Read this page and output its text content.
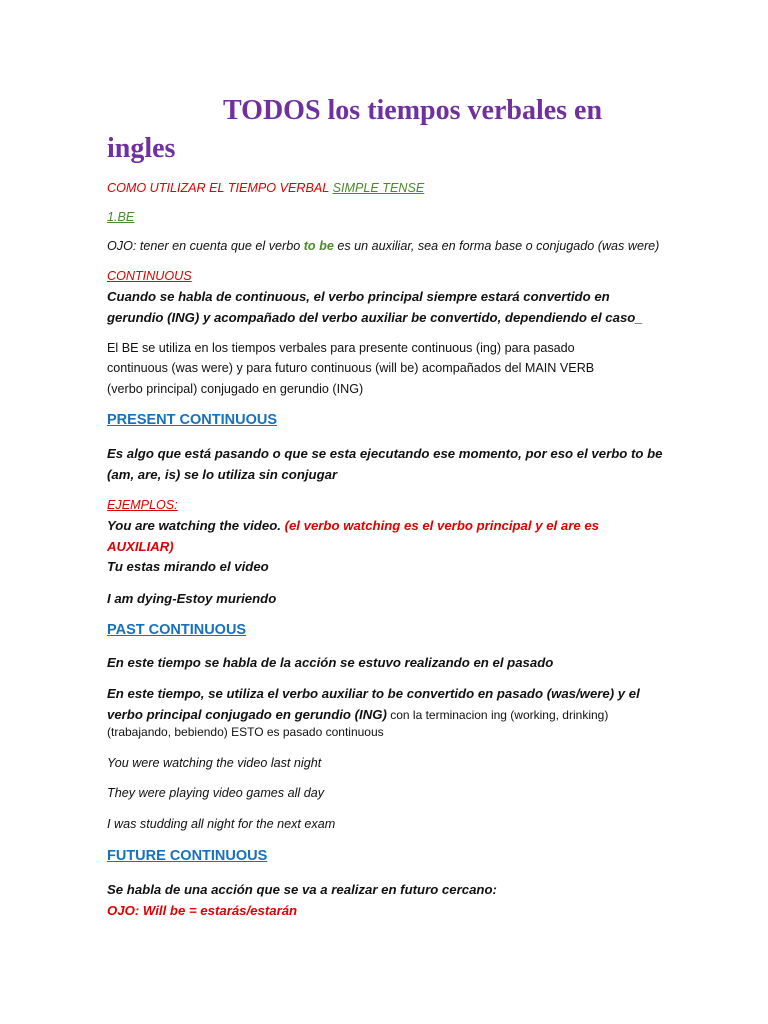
TODOS los tiempos verbales en
ingles
COMO UTILIZAR EL TIEMPO VERBAL SIMPLE TENSE
1.BE
OJO: tener en cuenta que el verbo to be es un auxiliar, sea en forma base o conjugado (was were)
CONTINUOUS
Cuando se habla de continuous, el verbo principal siempre estará convertido en
gerundio (ING) y acompañado del verbo auxiliar be convertido, dependiendo el caso_
El BE se utiliza en los tiempos verbales para presente continuous (ing) para pasado
continuous (was were) y para futuro continuous (will be) acompañados del MAIN VERB
(verbo principal) conjugado en gerundio (ING)
PRESENT CONTINUOUS
Es algo que está pasando o que se esta ejecutando ese momento, por eso el verbo to be
(am, are, is) se lo utiliza sin conjugar
EJEMPLOS:
You are watching the video. (el verbo watching es el verbo principal y el are es
AUXILIAR)
Tu estas mirando el video
I am dying-Estoy muriendo
PAST CONTINUOUS
En este tiempo se habla de la acción se estuvo realizando en el pasado
En este tiempo, se utiliza el verbo auxiliar to be convertido en pasado (was/were) y el
verbo principal conjugado en gerundio (ING) con la terminacion ing (working, drinking)
(trabajando, bebiendo) ESTO es pasado continuous
You were watching the video last night
They were playing video games all day
I was studding all night for the next exam
FUTURE CONTINUOUS
Se habla de una acción que se va a realizar en futuro cercano:
OJO: Will be = estarás/estarán
